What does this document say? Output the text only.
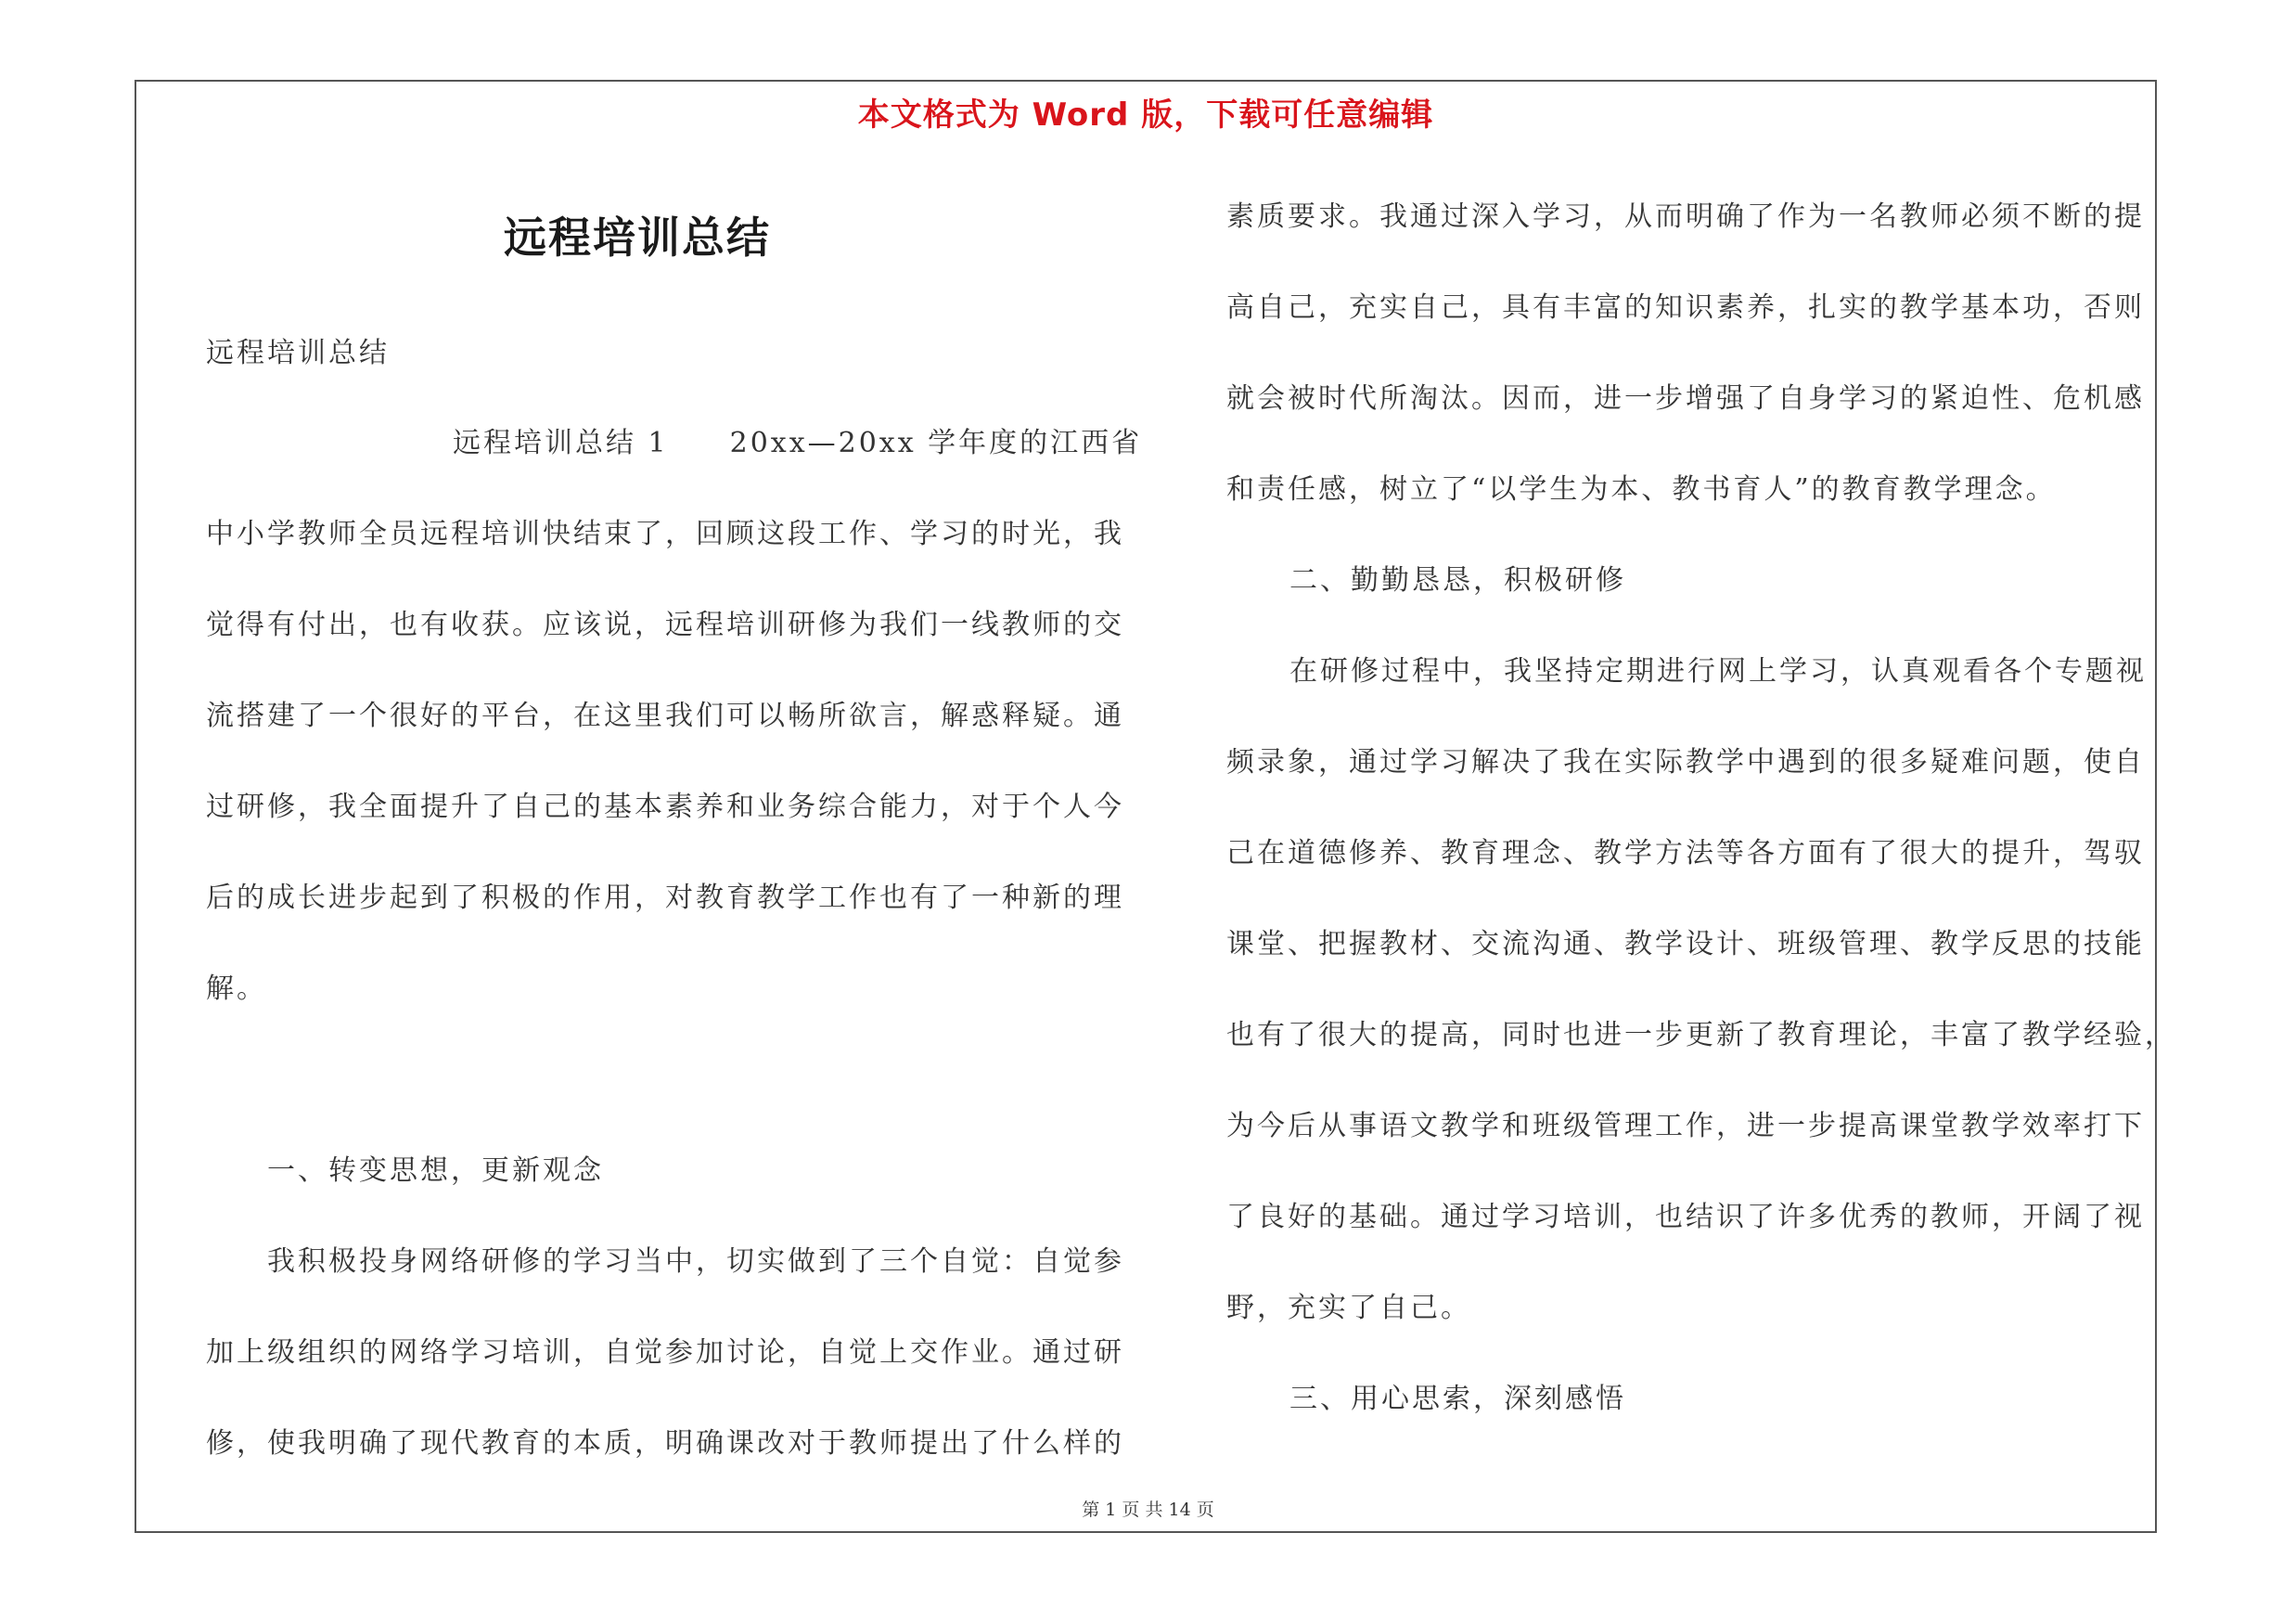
本文格式为 Word 版，下载可任意编辑
远程培训总结
远程培训总结
远程培训总结 1　　20xx—20xx 学年度的江西省
中小学教师全员远程培训快结束了，回顾这段工作、学习的时光，我
觉得有付出，也有收获。应该说，远程培训研修为我们一线教师的交
流搭建了一个很好的平台，在这里我们可以畅所欲言，解惑释疑。通
过研修，我全面提升了自己的基本素养和业务综合能力，对于个人今
后的成长进步起到了积极的作用，对教育教学工作也有了一种新的理
解。
一、转变思想，更新观念
我积极投身网络研修的学习当中，切实做到了三个自觉：自觉参
加上级组织的网络学习培训，自觉参加讨论，自觉上交作业。通过研
修，使我明确了现代教育的本质，明确课改对于教师提出了什么样的
素质要求。我通过深入学习，从而明确了作为一名教师必须不断的提
高自己，充实自己，具有丰富的知识素养，扎实的教学基本功，否则
就会被时代所淘汰。因而，进一步增强了自身学习的紧迫性、危机感
和责任感，树立了“以学生为本、教书育人”的教育教学理念。
二、勤勤恳恳，积极研修
在研修过程中，我坚持定期进行网上学习，认真观看各个专题视
频录象，通过学习解决了我在实际教学中遇到的很多疑难问题，使自
己在道德修养、教育理念、教学方法等各方面有了很大的提升，驾驭
课堂、把握教材、交流沟通、教学设计、班级管理、教学反思的技能
也有了很大的提高，同时也进一步更新了教育理论，丰富了教学经验，
为今后从事语文教学和班级管理工作，进一步提高课堂教学效率打下
了良好的基础。通过学习培训，也结识了许多优秀的教师，开阔了视
野，充实了自己。
三、用心思索，深刻感悟
第 1 页 共 14 页
